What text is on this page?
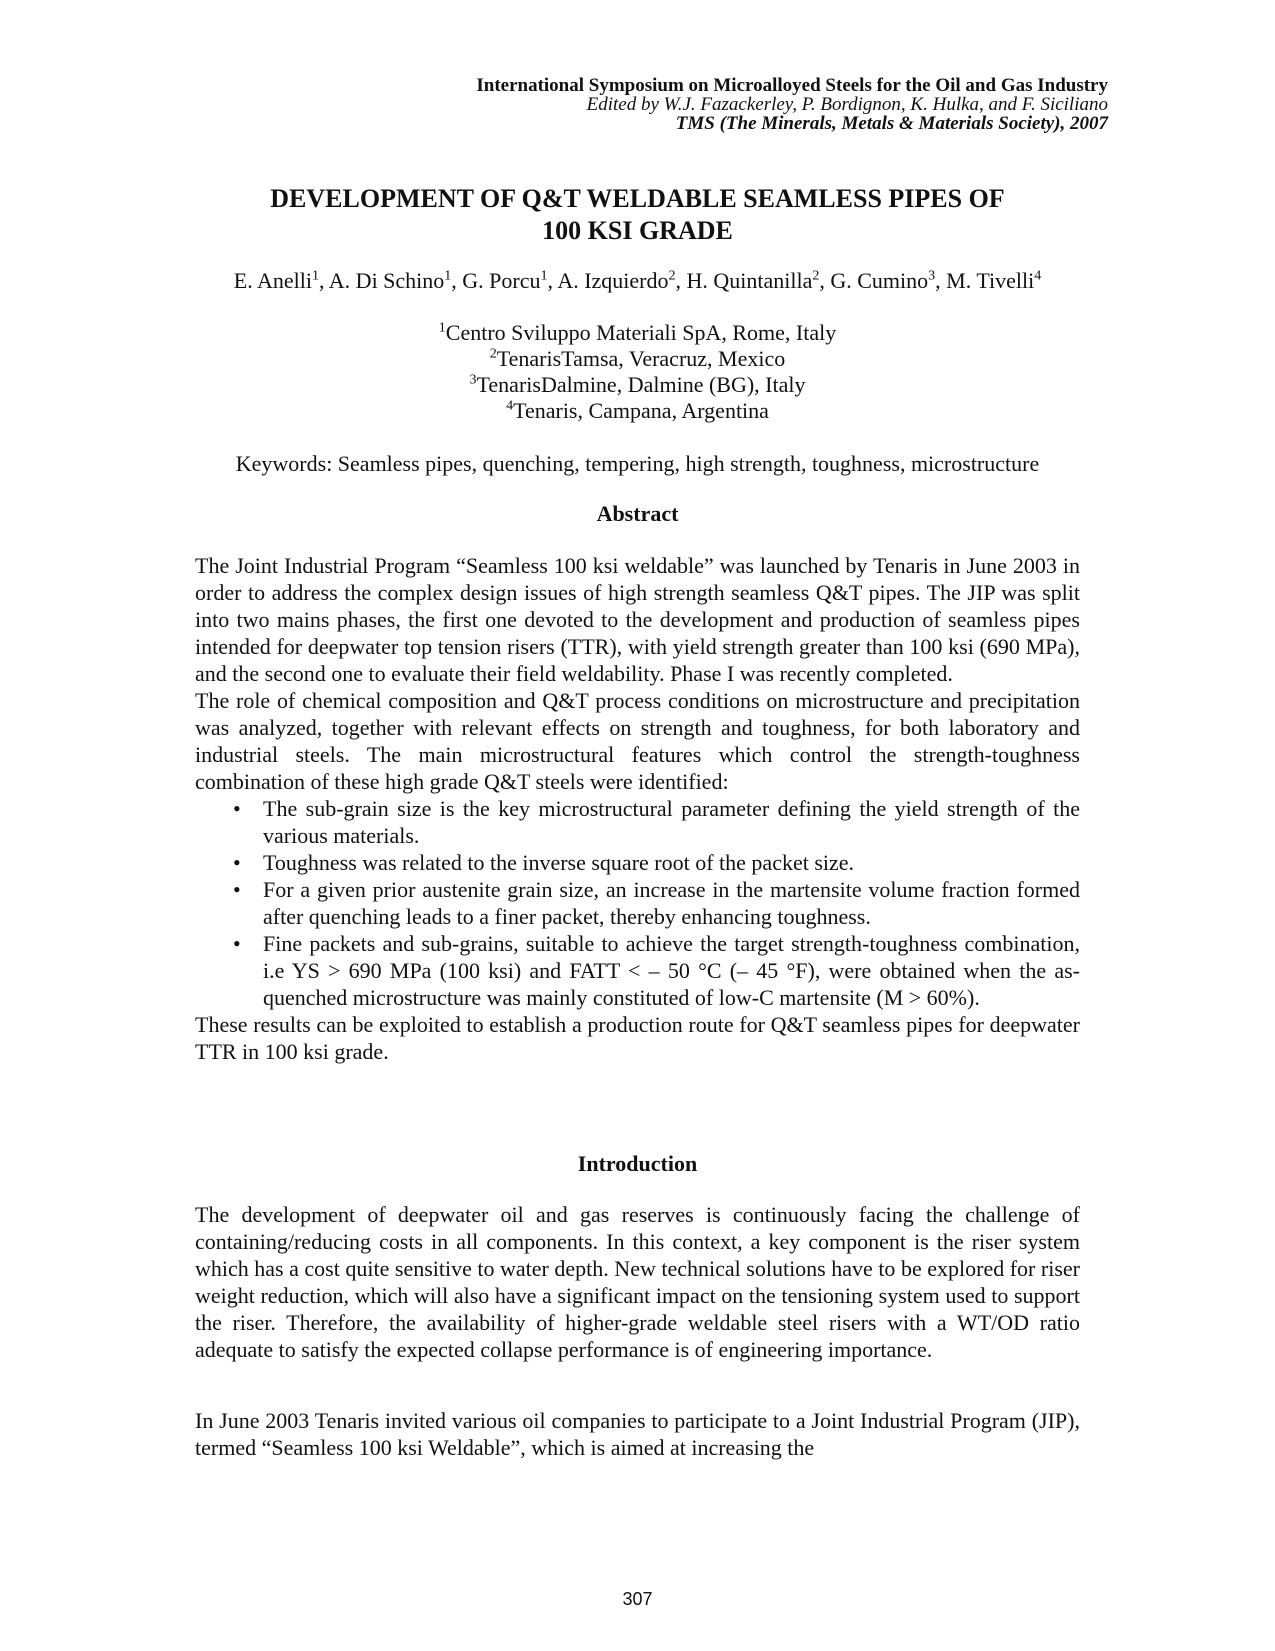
International Symposium on Microalloyed Steels for the Oil and Gas Industry
Edited by W.J. Fazackerley, P. Bordignon, K. Hulka, and F. Siciliano
TMS (The Minerals, Metals & Materials Society), 2007
DEVELOPMENT OF Q&T WELDABLE SEAMLESS PIPES OF
100 KSI GRADE
E. Anelli$^1$, A. Di Schino$^1$, G. Porcu$^1$, A. Izquierdo$^2$, H. Quintanilla$^2$, G. Cumino$^3$, M. Tivelli$^4$
$^1$Centro Sviluppo Materiali SpA, Rome, Italy
$^2$TenarisTamsa, Veracruz, Mexico
$^3$TenarisDalmine, Dalmine (BG), Italy
$^4$Tenaris, Campana, Argentina
Keywords: Seamless pipes, quenching, tempering, high strength, toughness, microstructure
Abstract

The Joint Industrial Program “Seamless 100 ksi weldable” was launched by Tenaris in June 2003 in order to address the complex design issues of high strength seamless Q&T pipes. The JIP was split into two mains phases, the first one devoted to the development and production of seamless pipes intended for deepwater top tension risers (TTR), with yield strength greater than 100 ksi (690 MPa), and the second one to evaluate their field weldability. Phase I was recently completed.

The role of chemical composition and Q&T process conditions on microstructure and precipitation was analyzed, together with relevant effects on strength and toughness, for both laboratory and industrial steels. The main microstructural features which control the strength-toughness combination of these high grade Q&T steels were identified:

• The sub-grain size is the key microstructural parameter defining the yield strength of the various materials.
• Toughness was related to the inverse square root of the packet size.
• For a given prior austenite grain size, an increase in the martensite volume fraction formed after quenching leads to a finer packet, thereby enhancing toughness.
• Fine packets and sub-grains, suitable to achieve the target strength-toughness combination, i.e YS > 690 MPa (100 ksi) and FATT < – 50 °C (– 45 °F), were obtained when the as-quenched microstructure was mainly constituted of low-C martensite (M > 60%).

These results can be exploited to establish a production route for Q&T seamless pipes for deepwater TTR in 100 ksi grade.

Introduction
The development of deepwater oil and gas reserves is continuously facing the challenge of containing/reducing costs in all components. In this context, a key component is the riser system which has a cost quite sensitive to water depth. New technical solutions have to be explored for riser weight reduction, which will also have a significant impact on the tensioning system used to support the riser. Therefore, the availability of higher-grade weldable steel risers with a WT/OD ratio adequate to satisfy the expected collapse performance is of engineering importance.
In June 2003 Tenaris invited various oil companies to participate to a Joint Industrial Program (JIP), termed “Seamless 100 ksi Weldable”, which is aimed at increasing the
307
